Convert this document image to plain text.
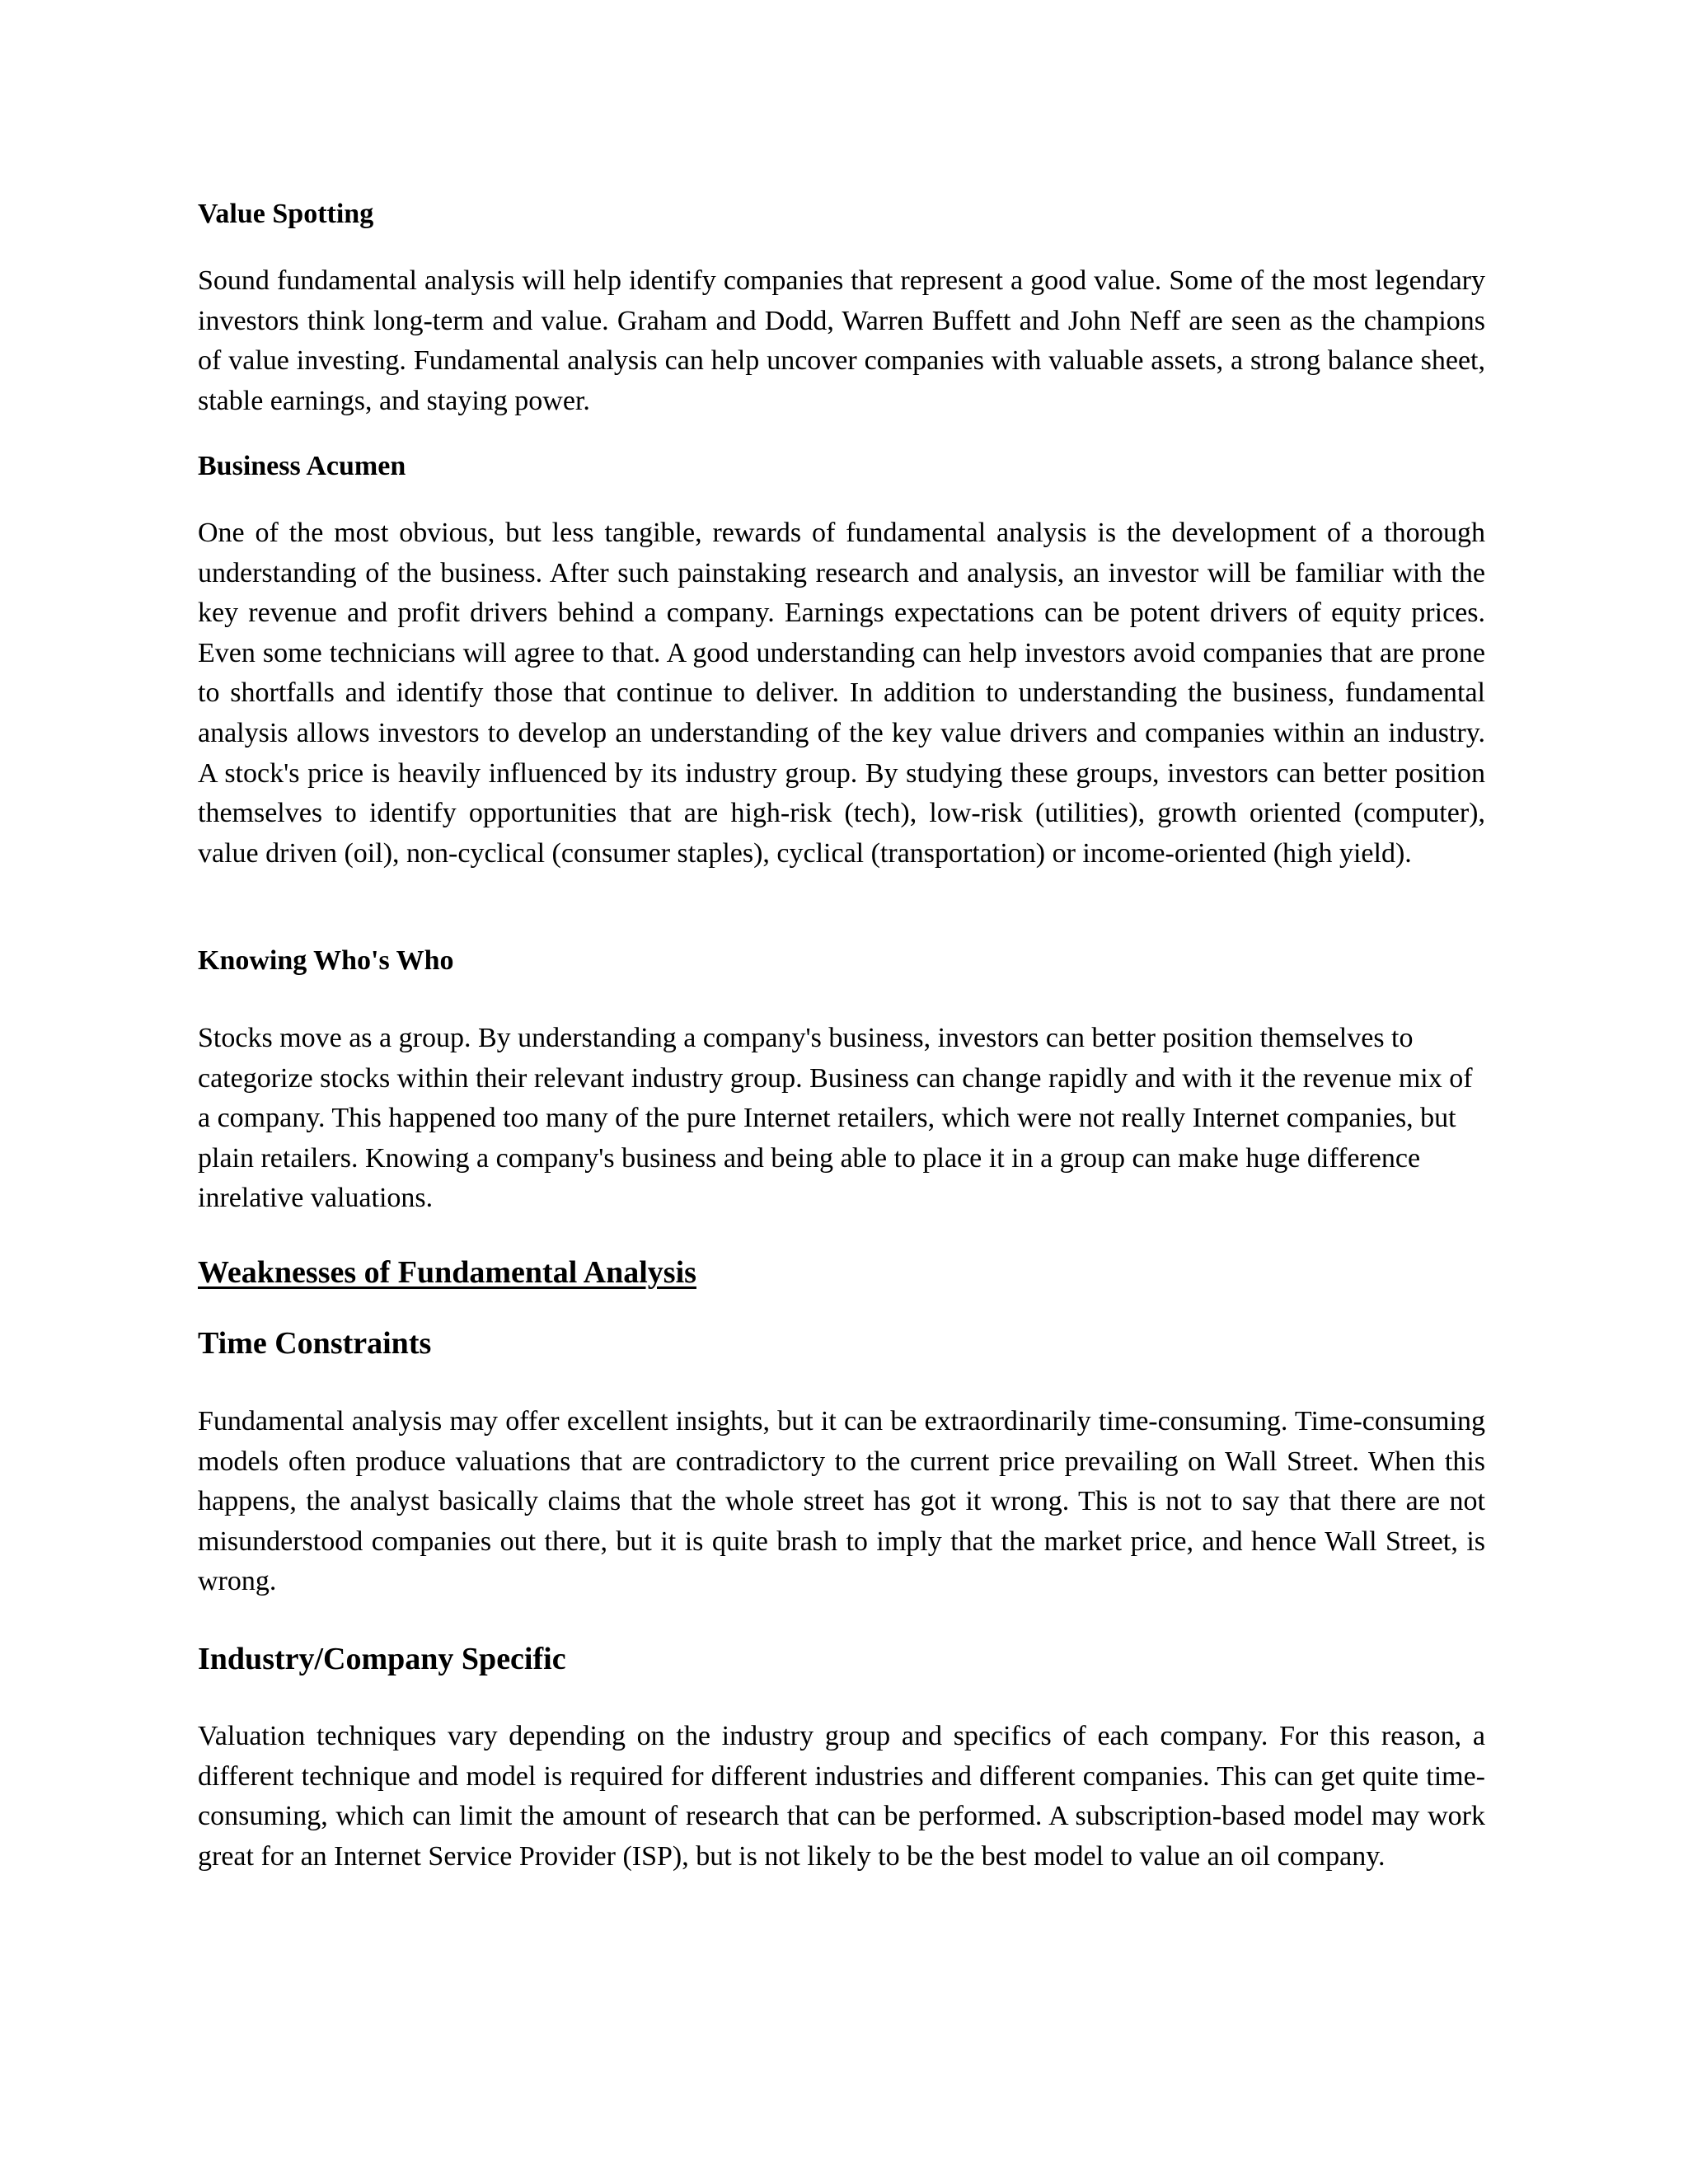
Value Spotting

Sound fundamental analysis will help identify companies that represent a good value. Some of the most legendary investors think long-term and value. Graham and Dodd, Warren Buffett and John Neff are seen as the champions of value investing. Fundamental analysis can help uncover companies with valuable assets, a strong balance sheet, stable earnings, and staying power.

Business Acumen

One of the most obvious, but less tangible, rewards of fundamental analysis is the development of a thorough understanding of the business. After such painstaking research and analysis, an investor will be familiar with the key revenue and profit drivers behind a company. Earnings expectations can be potent drivers of equity prices. Even some technicians will agree to that. A good understanding can help investors avoid companies that are prone to shortfalls and identify those that continue to deliver. In addition to understanding the business, fundamental analysis allows investors to develop an understanding of the key value drivers and companies within an industry. A stock's price is heavily influenced by its industry group. By studying these groups, investors can better position themselves to identify opportunities that are high-risk (tech), low-risk (utilities), growth oriented (computer), value driven (oil), non-cyclical (consumer staples), cyclical (transportation) or income-oriented (high yield).

Knowing Who's Who

Stocks move as a group. By understanding a company's business, investors can better position themselves to categorize stocks within their relevant industry group. Business can change rapidly and with it the revenue mix of a company. This happened too many of the pure Internet retailers, which were not really Internet companies, but plain retailers. Knowing a company's business and being able to place it in a group can make huge difference inrelative valuations.

Weaknesses of Fundamental Analysis
Time Constraints

Fundamental analysis may offer excellent insights, but it can be extraordinarily time-consuming. Time-consuming models often produce valuations that are contradictory to the current price prevailing on Wall Street. When this happens, the analyst basically claims that the whole street has got it wrong. This is not to say that there are not misunderstood companies out there, but it is quite brash to imply that the market price, and hence Wall Street, is wrong.

Industry/Company Specific

Valuation techniques vary depending on the industry group and specifics of each company. For this reason, a different technique and model is required for different industries and different companies. This can get quite time-consuming, which can limit the amount of research that can be performed. A subscription-based model may work great for an Internet Service Provider (ISP), but is not likely to be the best model to value an oil company.
